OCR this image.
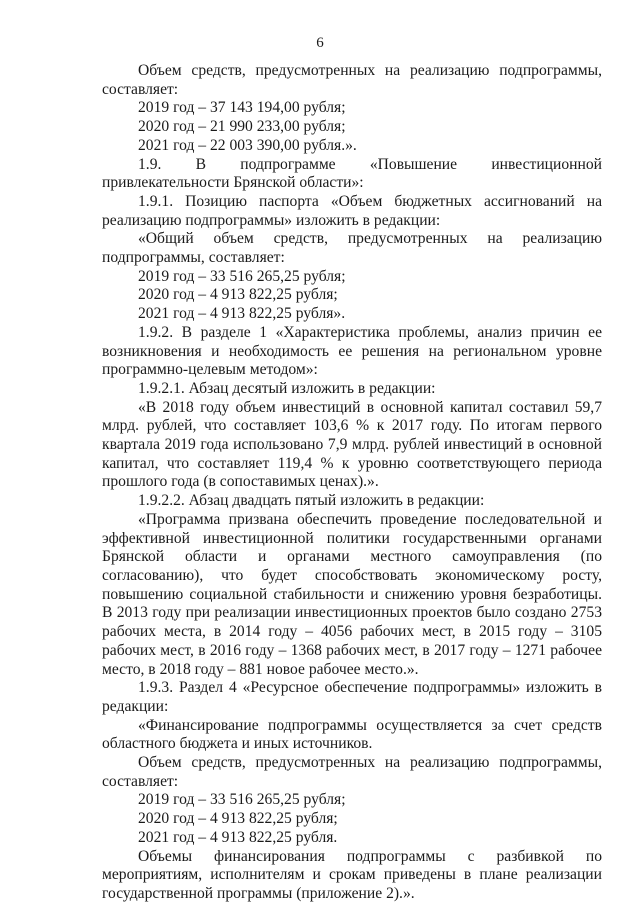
6

Объем средств, предусмотренных на реализацию подпрограммы, составляет:

2019 год – 37 143 194,00 рубля;

2020 год – 21 990 233,00 рубля;

2021 год – 22 003 390,00 рубля.».

1.9. В подпрограмме «Повышение инвестиционной привлекательности Брянской области»:

1.9.1. Позицию паспорта «Объем бюджетных ассигнований на реализацию подпрограммы» изложить в редакции:

«Общий объем средств, предусмотренных на реализацию подпрограммы, составляет:

2019 год – 33 516 265,25 рубля;

2020 год – 4 913 822,25 рубля;

2021 год – 4 913 822,25 рубля».

1.9.2. В разделе 1 «Характеристика проблемы, анализ причин ее возникновения и необходимость ее решения на региональном уровне программно-целевым методом»:

1.9.2.1. Абзац десятый изложить в редакции:

«В 2018 году объем инвестиций в основной капитал составил 59,7 млрд. рублей, что составляет 103,6 % к 2017 году. По итогам первого квартала 2019 года использовано 7,9 млрд. рублей инвестиций в основной капитал, что составляет 119,4 % к уровню соответствующего периода прошлого года (в сопоставимых ценах).».

1.9.2.2. Абзац двадцать пятый изложить в редакции:

«Программа призвана обеспечить проведение последовательной и эффективной инвестиционной политики государственными органами Брянской области и органами местного самоуправления (по согласованию), что будет способствовать экономическому росту, повышению социальной стабильности и снижению уровня безработицы. В 2013 году при реализации инвестиционных проектов было создано 2753 рабочих места, в 2014 году – 4056 рабочих мест, в 2015 году – 3105 рабочих мест, в 2016 году – 1368 рабочих мест, в 2017 году – 1271 рабочее место, в 2018 году – 881 новое рабочее место.».

1.9.3. Раздел 4 «Ресурсное обеспечение подпрограммы» изложить в редакции:

«Финансирование подпрограммы осуществляется за счет средств областного бюджета и иных источников.

Объем средств, предусмотренных на реализацию подпрограммы, составляет:

2019 год – 33 516 265,25 рубля;

2020 год – 4 913 822,25 рубля;

2021 год – 4 913 822,25 рубля.

Объемы финансирования подпрограммы с разбивкой по мероприятиям, исполнителям и срокам приведены в плане реализации государственной программы (приложение 2).».
